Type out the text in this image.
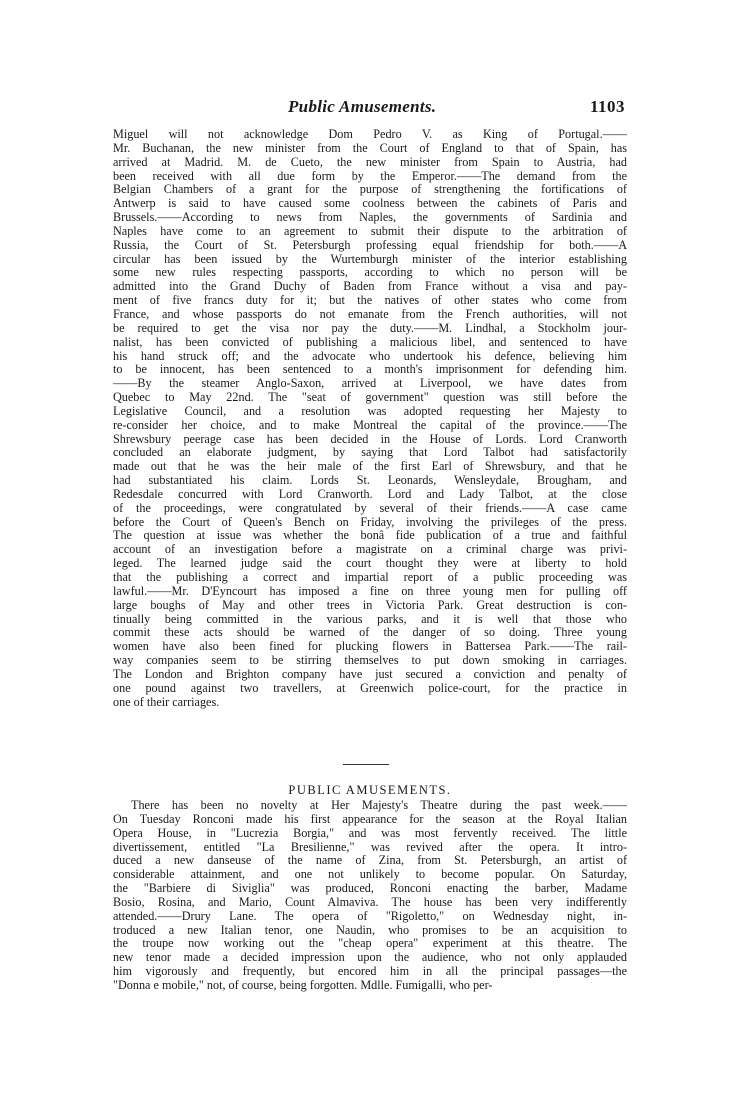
Public Amusements.	1103
Miguel will not acknowledge Dom Pedro V. as King of Portugal.——
Mr. Buchanan, the new minister from the Court of England to that of Spain, has
arrived at Madrid. M. de Cueto, the new minister from Spain to Austria, had
been received with all due form by the Emperor.——The demand from the
Belgian Chambers of a grant for the purpose of strengthening the fortifications of
Antwerp is said to have caused some coolness between the cabinets of Paris and
Brussels.——According to news from Naples, the governments of Sardinia and
Naples have come to an agreement to submit their dispute to the arbitration of
Russia, the Court of St. Petersburgh professing equal friendship for both.——A
circular has been issued by the Wurtemburgh minister of the interior establishing
some new rules respecting passports, according to which no person will be
admitted into the Grand Duchy of Baden from France without a visa and pay-
ment of five francs duty for it; but the natives of other states who come from
France, and whose passports do not emanate from the French authorities, will not
be required to get the visa nor pay the duty.——M. Lindhal, a Stockholm jour-
nalist, has been convicted of publishing a malicious libel, and sentenced to have
his hand struck off; and the advocate who undertook his defence, believing him
to be innocent, has been sentenced to a month's imprisonment for defending him.
——By the steamer Anglo-Saxon, arrived at Liverpool, we have dates from
Quebec to May 22nd. The "seat of government" question was still before the
Legislative Council, and a resolution was adopted requesting her Majesty to
re-consider her choice, and to make Montreal the capital of the province.——The
Shrewsbury peerage case has been decided in the House of Lords. Lord Cranworth
concluded an elaborate judgment, by saying that Lord Talbot had satisfactorily
made out that he was the heir male of the first Earl of Shrewsbury, and that he
had substantiated his claim. Lords St. Leonards, Wensleydale, Brougham, and
Redesdale concurred with Lord Cranworth. Lord and Lady Talbot, at the close
of the proceedings, were congratulated by several of their friends.——A case came
before the Court of Queen's Bench on Friday, involving the privileges of the press.
The question at issue was whether the bonâ fide publication of a true and faithful
account of an investigation before a magistrate on a criminal charge was privi-
leged. The learned judge said the court thought they were at liberty to hold
that the publishing a correct and impartial report of a public proceeding was
lawful.——Mr. D'Eyncourt has imposed a fine on three young men for pulling off
large boughs of May and other trees in Victoria Park. Great destruction is con-
tinually being committed in the various parks, and it is well that those who
commit these acts should be warned of the danger of so doing. Three young
women have also been fined for plucking flowers in Battersea Park.——The rail-
way companies seem to be stirring themselves to put down smoking in carriages.
The London and Brighton company have just secured a conviction and penalty of
one pound against two travellers, at Greenwich police-court, for the practice in
one of their carriages.
PUBLIC AMUSEMENTS.
There has been no novelty at Her Majesty's Theatre during the past week.——
On Tuesday Ronconi made his first appearance for the season at the Royal Italian
Opera House, in "Lucrezia Borgia," and was most fervently received. The little
divertissement, entitled "La Bresilienne," was revived after the opera. It intro-
duced a new danseuse of the name of Zina, from St. Petersburgh, an artist of
considerable attainment, and one not unlikely to become popular. On Saturday,
the "Barbiere di Siviglia" was produced, Ronconi enacting the barber, Madame
Bosio, Rosina, and Mario, Count Almaviva. The house has been very indifferently
attended.——Drury Lane. The opera of "Rigoletto," on Wednesday night, in-
troduced a new Italian tenor, one Naudin, who promises to be an acquisition to
the troupe now working out the "cheap opera" experiment at this theatre. The
new tenor made a decided impression upon the audience, who not only applauded
him vigorously and frequently, but encored him in all the principal passages—the
"Donna e mobile," not, of course, being forgotten. Mdlle. Fumigalli, who per-
